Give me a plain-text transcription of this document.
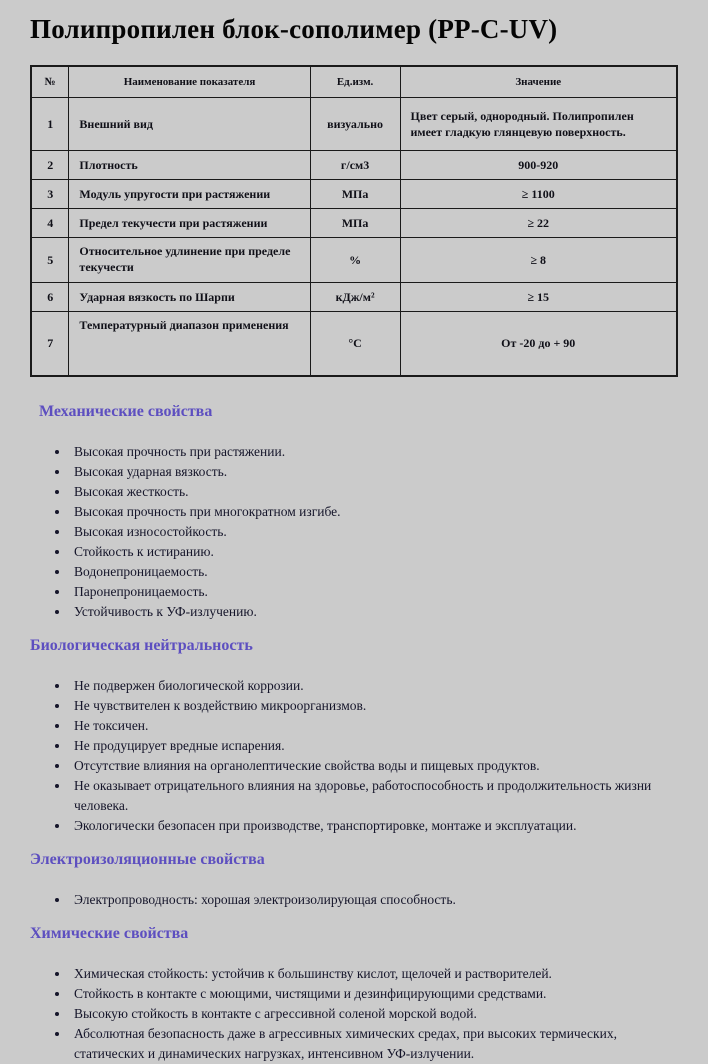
Полипропилен блок-сополимер (PP-C-UV)
№	Наименование показателя	Ед.изм.	Значение
1	Внешний вид	визуально	Цвет серый, однородный. Полипропилен имеет гладкую глянцевую поверхность.
2	Плотность	г/см3	900-920
3	Модуль упругости при растяжении	МПа	≥ 1100
4	Предел текучести при растяжении	МПа	≥ 22
5	Относительное удлинение при пределе текучести	%	≥ 8
6	Ударная вязкость по Шарпи	кДж/м²	≥ 15
7	Температурный диапазон применения	°С	От -20 до + 90
Механические свойства
• Высокая прочность при растяжении.
• Высокая ударная вязкость.
• Высокая жесткость.
• Высокая прочность при многократном изгибе.
• Высокая износостойкость.
• Стойкость к истиранию.
• Водонепроницаемость.
• Паронепроницаемость.
• Устойчивость к УФ-излучению.
Биологическая нейтральность
• Не подвержен биологической коррозии.
• Не чувствителен к воздействию микроорганизмов.
• Не токсичен.
• Не продуцирует вредные испарения.
• Отсутствие влияния на органолептические свойства воды и пищевых продуктов.
• Не оказывает отрицательного влияния на здоровье, работоспособность и продолжительность жизни человека.
• Экологически безопасен при производстве, транспортировке, монтаже и эксплуатации.
Электроизоляционные свойства
• Электропроводность: хорошая электроизолирующая способность.
Химические свойства
• Химическая стойкость: устойчив к большинству кислот, щелочей и растворителей.
• Стойкость в контакте с моющими, чистящими и дезинфицирующими средствами.
• Высокую стойкость в контакте с агрессивной соленой морской водой.
• Абсолютная безопасность даже в агрессивных химических средах, при высоких термических, статических и динамических нагрузках, интенсивном УФ-излучении.
